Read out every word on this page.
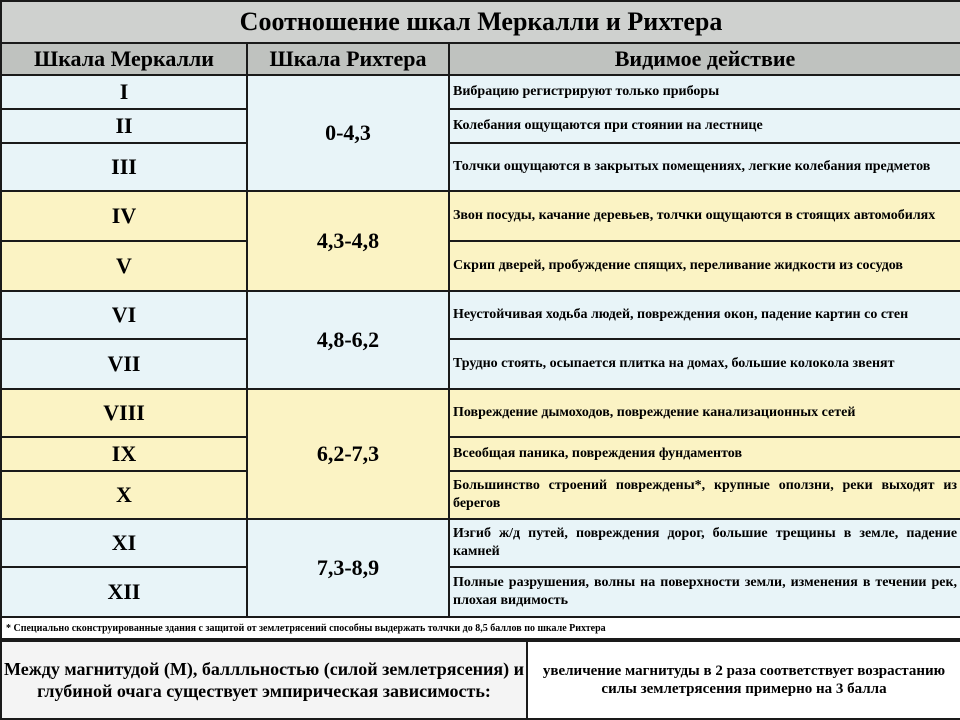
Соотношение шкал Меркалли и Рихтера		
Шкала Меркалли	Шкала Рихтера	Видимое действие
I	0-4,3	Вибрацию регистрируют только приборы
II		Колебания ощущаются при стоянии на лестнице
III		Толчки ощущаются в закрытых помещениях, легкие колебания предметов
IV	4,3-4,8	Звон посуды, качание деревьев, толчки ощущаются в стоящих автомобилях
V		Скрип дверей, пробуждение спящих, переливание жидкости из сосудов
VI	4,8-6,2	Неустойчивая ходьба людей, повреждения окон, падение картин со стен
VII		Трудно стоять, осыпается плитка на домах, большие колокола звенят
VIII	6,2-7,3	Повреждение дымоходов, повреждение канализационных сетей
IX		Всеобщая паника, повреждения фундаментов
X		Большинство строений повреждены*, крупные оползни, реки выходят из берегов
XI	7,3-8,9	Изгиб ж/д путей, повреждения дорог, большие трещины в земле, падение камней
XII		Полные разрушения, волны на поверхности земли, изменения в течении рек, плохая видимость
* Специально сконструированные здания с защитой от землетрясений способны выдержать толчки до 8,5 баллов по шкале Рихтера		
Между магнитудой (М), баллльностью (силой землетрясения) и глубиной очага существует эмпирическая зависимость:	увеличение магнитуды в 2 раза соответствует возрастанию силы землетрясения примерно на 3 балла
